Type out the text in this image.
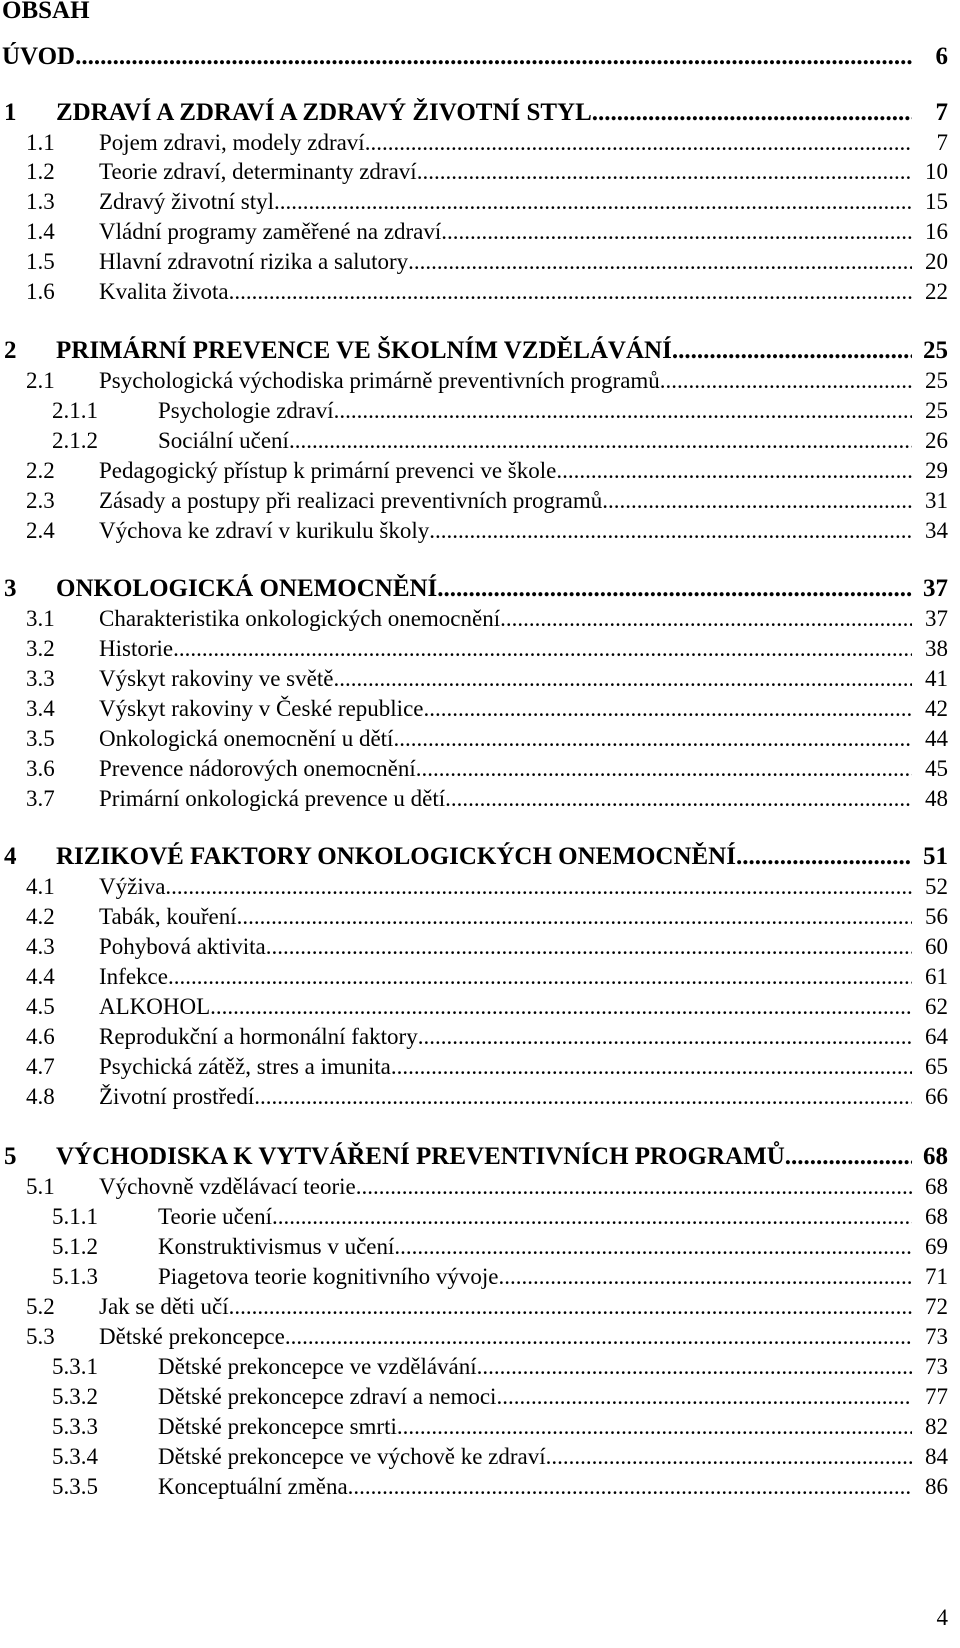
OBSAH
ÚVOD .....	6
1 ZDRAVÍ A ZDRAVÍ A ZDRAVÝ ŽIVOTNÍ STYL .....	7
1.1 Pojem zdravi, modely zdraví .....	7
1.2 Teorie zdraví, determinanty zdraví .....	10
1.3 Zdravý životní styl .....	15
1.4 Vládní programy zaměřené na zdraví .....	16
1.5 Hlavní zdravotní rizika a salutory .....	20
1.6 Kvalita života .....	22
2 PRIMÁRNÍ PREVENCE VE ŠKOLNÍM VZDĚLÁVÁNÍ .....	25
2.1 Psychologická východiska primárně preventivních programů .....	25
2.1.1	Psychologie zdraví .....	25
2.1.2	Sociální učení .....	26
2.2 Pedagogický přístup k primární prevenci ve škole .....	29
2.3 Zásady a postupy při realizaci preventivních programů .....	31
2.4 Výchova ke zdraví v kurikulu školy .....	34
3 ONKOLOGICKÁ ONEMOCNĚNÍ .....	37
3.1 Charakteristika onkologických onemocnění .....	37
3.2 Historie .....	38
3.3 Výskyt rakoviny ve světě .....	41
3.4 Výskyt rakoviny v České republice .....	42
3.5 Onkologická onemocnění u dětí .....	44
3.6 Prevence nádorových onemocnění .....	45
3.7 Primární onkologická prevence u dětí .....	48
4 RIZIKOVÉ FAKTORY ONKOLOGICKÝCH ONEMOCNĚNÍ .....	51
4.1 Výživa .....	52
4.2 Tabák, kouření .....	56
4.3 Pohybová aktivita .....	60
4.4 Infekce .....	61
4.5 ALKOHOL .....	62
4.6 Reprodukční a hormonální faktory .....	64
4.7 Psychická zátěž, stres a imunita .....	65
4.8 Životní prostředí .....	66
5 VÝCHODISKA K VYTVÁŘENÍ PREVENTIVNÍCH PROGRAMŮ .....	68
5.1 Výchovně vzdělávací teorie .....	68
5.1.1	Teorie učení .....	68
5.1.2	Konstruktivismus v učení .....	69
5.1.3	Piagetova teorie kognitivního vývoje .....	71
5.2 Jak se děti učí .....	72
5.3 Dětské prekoncepce .....	73
5.3.1	Dětské prekoncepce ve vzdělávání .....	73
5.3.2	Dětské prekoncepce zdraví a nemoci .....	77
5.3.3	Dětské prekoncepce smrti .....	82
5.3.4	Dětské prekoncepce ve výchově ke zdraví .....	84
5.3.5	Konceptuální změna .....	86
4
